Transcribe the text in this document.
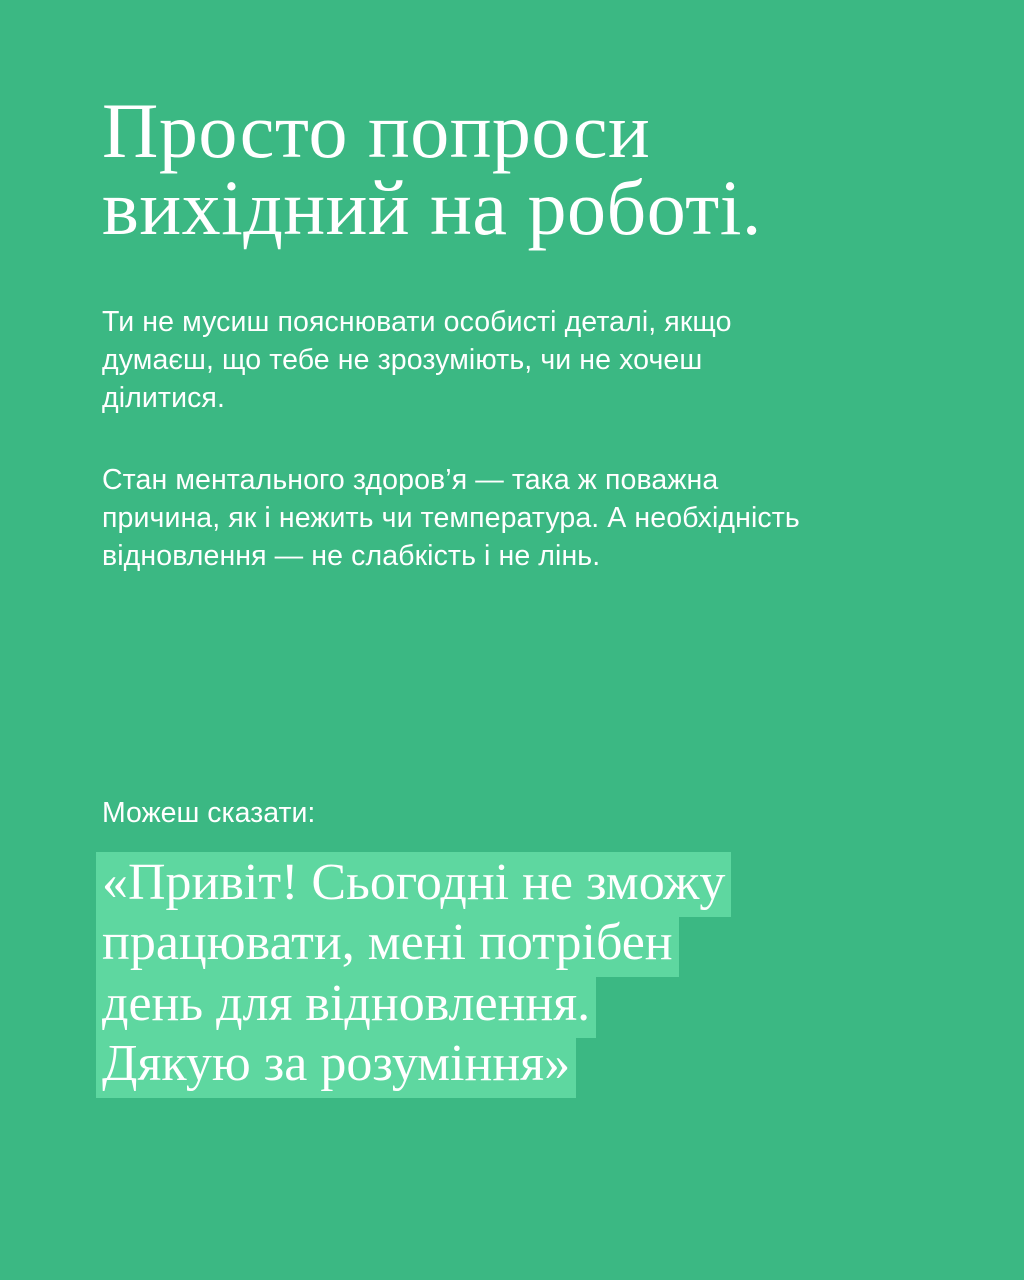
Просто попроси вихідний на роботі.

Ти не мусиш пояснювати особисті деталі, якщо думаєш, що тебе не зрозуміють, чи не хочеш ділитися.

Стан ментального здоров’я — така ж поважна причина, як і нежить чи температура. А необхідність відновлення — не слабкість і не лінь.

Можеш сказати:

«Привіт! Сьогодні не зможу
працювати, мені потрібен
день для відновлення.
Дякую за розуміння»
